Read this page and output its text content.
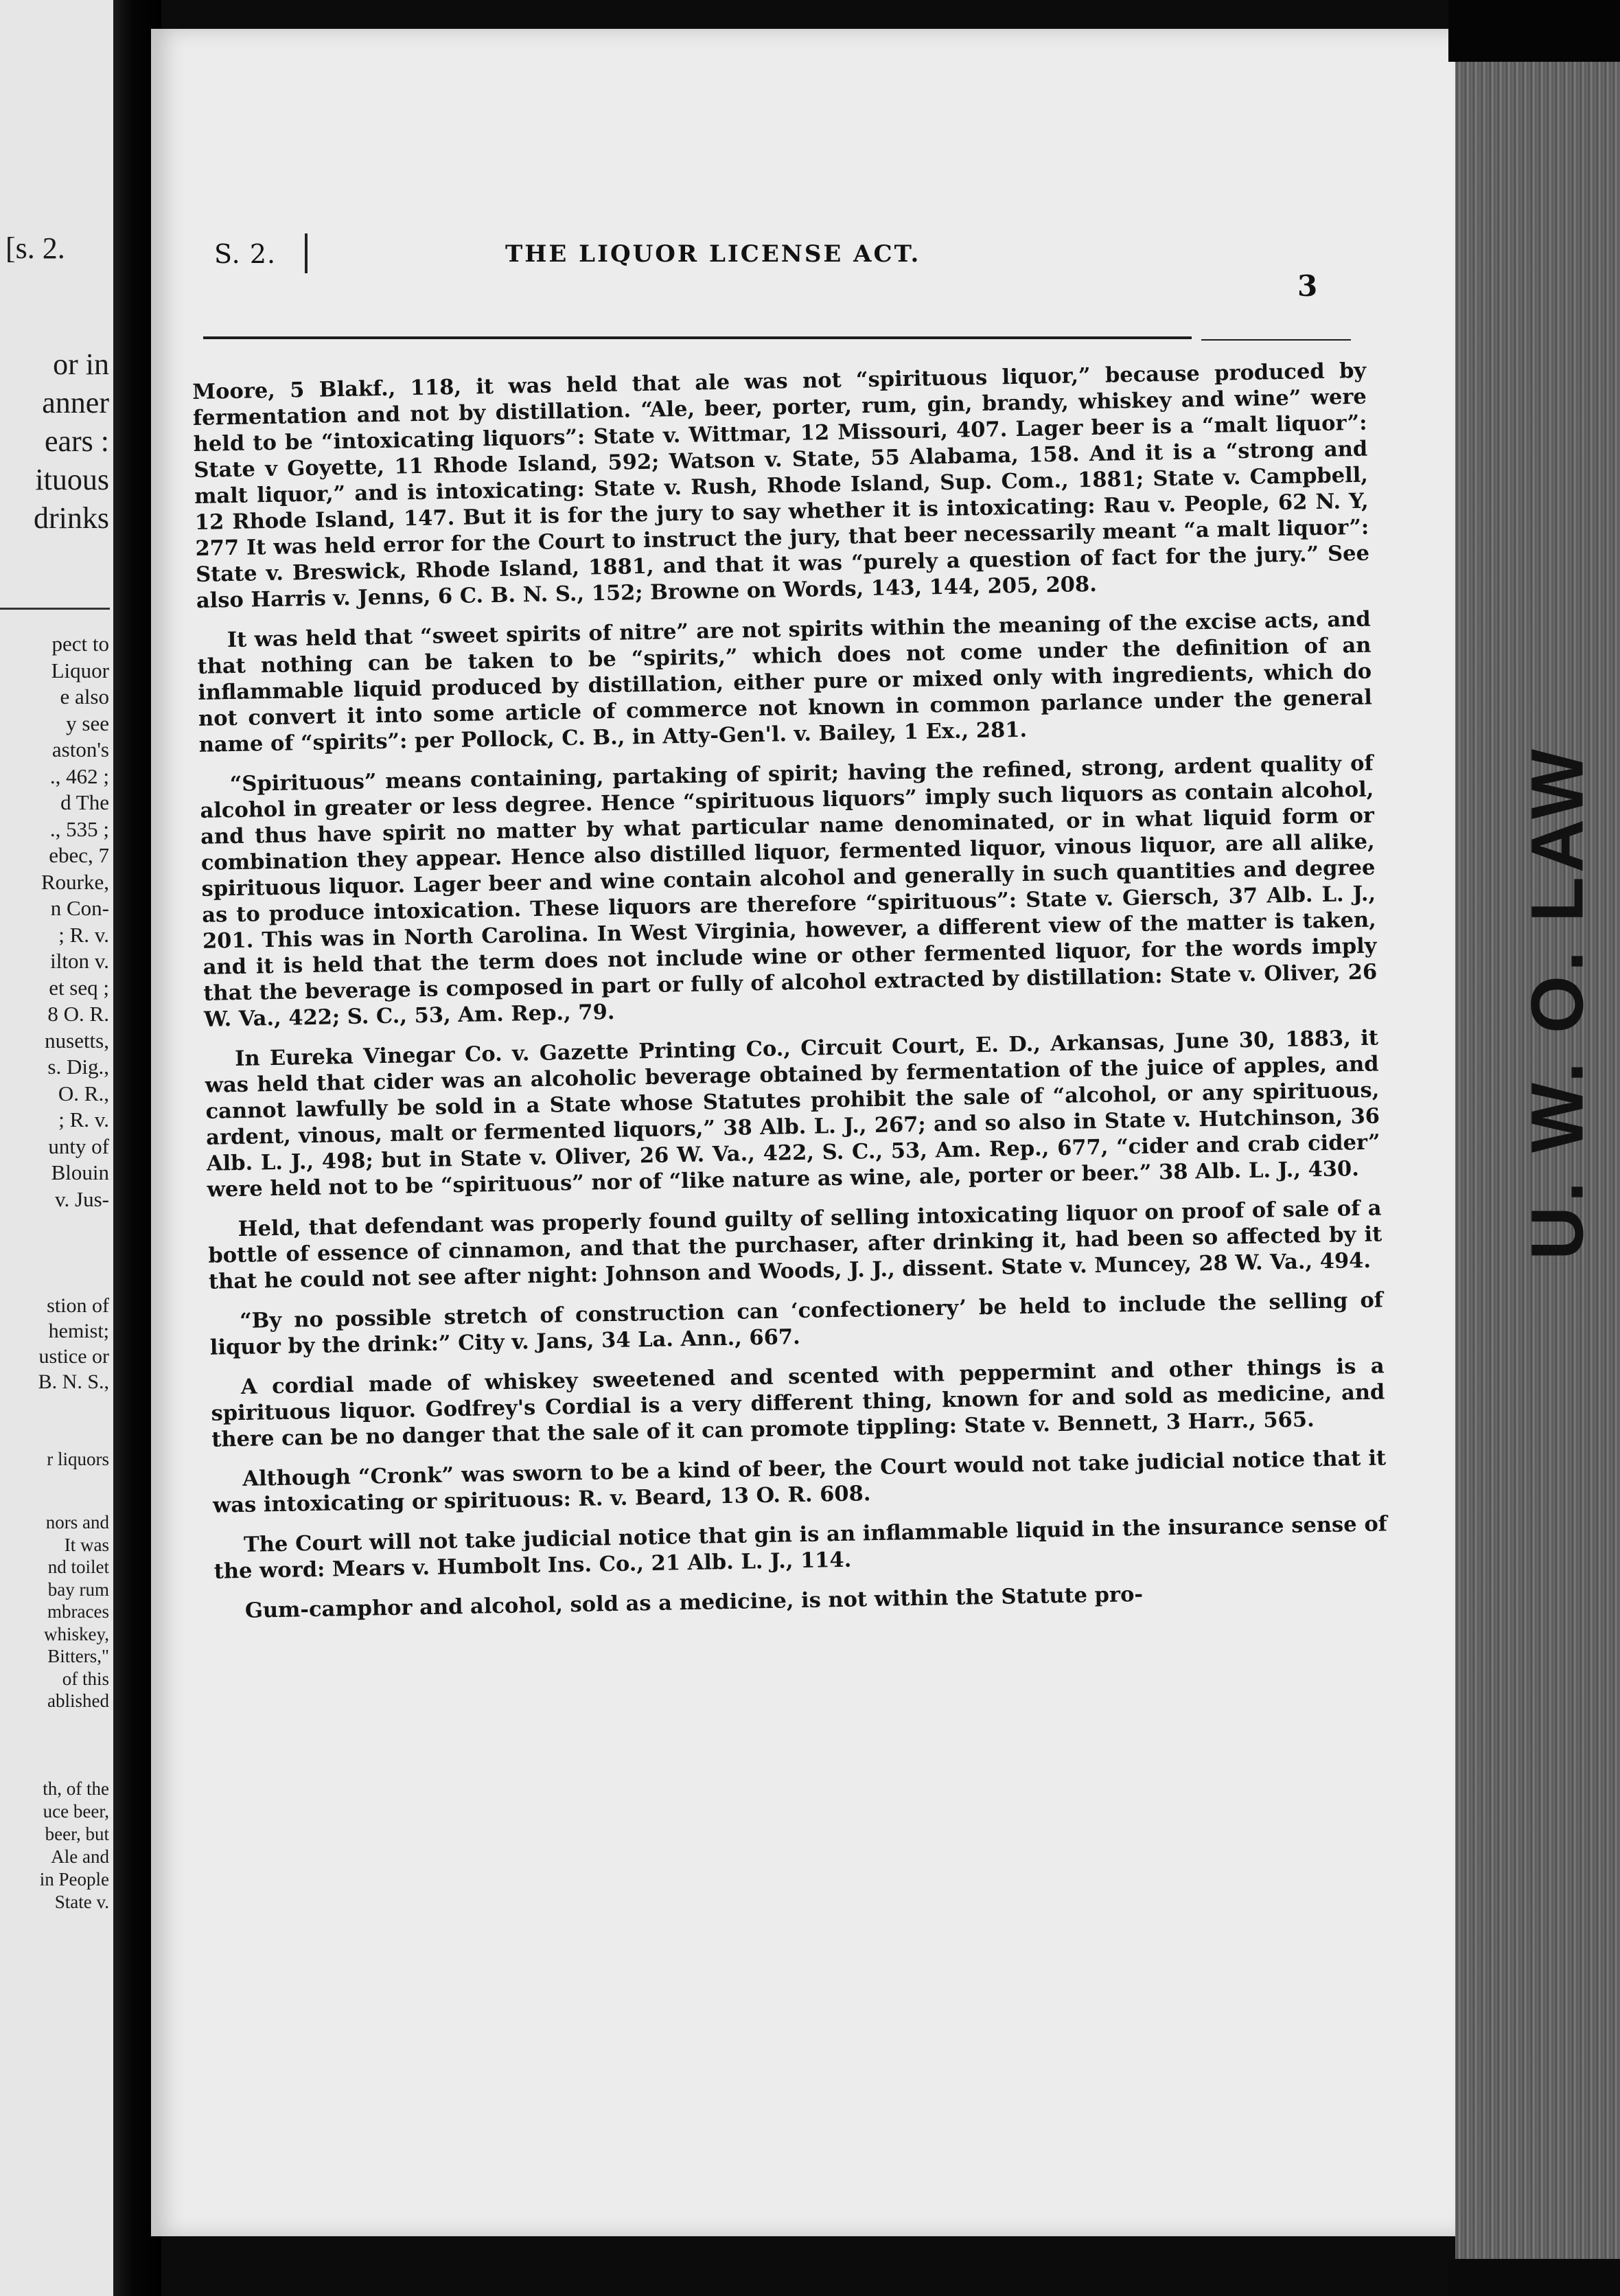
[s. 2.
or in
anner
ears :
ituous
drinks
pect to
Liquor
e also
y see
aston's
., 462 ;
d The
., 535 ;
ebec, 7
Rourke,
n Con-
; R. v.
ilton v.
et seq ;
8 O. R.
nusetts,
s. Dig.,
O. R.,
; R. v.
unty of
Blouin
v. Jus-
stion of
hemist;
ustice or
B. N. S.,
r liquors
nors and
It was
nd toilet
bay rum
mbraces
whiskey,
Bitters,"
of this
ablished
th, of the
uce beer,
beer, but
Ale and
in People
State v.
S. 2.	THE LIQUOR LICENSE ACT.
3

Moore, 5 Blakf., 118, it was held that ale was not “spirituous liquor,” because produced by fermentation and not by distillation. “Ale, beer, porter, rum, gin, brandy, whiskey and wine” were held to be “intoxicating liquors”: State v. Wittmar, 12 Missouri, 407. Lager beer is a “malt liquor”: State v Goyette, 11 Rhode Island, 592; Watson v. State, 55 Alabama, 158. And it is a “strong and malt liquor,” and is intoxicating: State v. Rush, Rhode Island, Sup. Com., 1881; State v. Campbell, 12 Rhode Island, 147. But it is for the jury to say whether it is intoxicating: Rau v. People, 62 N. Y, 277 It was held error for the Court to instruct the jury, that beer necessarily meant “a malt liquor”: State v. Breswick, Rhode Island, 1881, and that it was “purely a question of fact for the jury.” See also Harris v. Jenns, 6 C. B. N. S., 152; Browne on Words, 143, 144, 205, 208.

It was held that “sweet spirits of nitre” are not spirits within the meaning of the excise acts, and that nothing can be taken to be “spirits,” which does not come under the definition of an inflammable liquid produced by distillation, either pure or mixed only with ingredients, which do not convert it into some article of commerce not known in common parlance under the general name of “spirits”: per Pollock, C. B., in Atty-Gen'l. v. Bailey, 1 Ex., 281.

“Spirituous” means containing, partaking of spirit; having the refined, strong, ardent quality of alcohol in greater or less degree. Hence “spirituous liquors” imply such liquors as contain alcohol, and thus have spirit no matter by what particular name denominated, or in what liquid form or combination they appear. Hence also distilled liquor, fermented liquor, vinous liquor, are all alike, spirituous liquor. Lager beer and wine contain alcohol and generally in such quantities and degree as to produce intoxication. These liquors are therefore “spirituous”: State v. Giersch, 37 Alb. L. J., 201. This was in North Carolina. In West Virginia, however, a different view of the matter is taken, and it is held that the term does not include wine or other fermented liquor, for the words imply that the beverage is composed in part or fully of alcohol extracted by distillation: State v. Oliver, 26 W. Va., 422; S. C., 53, Am. Rep., 79.

In Eureka Vinegar Co. v. Gazette Printing Co., Circuit Court, E. D., Arkansas, June 30, 1883, it was held that cider was an alcoholic beverage obtained by fermentation of the juice of apples, and cannot lawfully be sold in a State whose Statutes prohibit the sale of “alcohol, or any spirituous, ardent, vinous, malt or fermented liquors,” 38 Alb. L. J., 267; and so also in State v. Hutchinson, 36 Alb. L. J., 498; but in State v. Oliver, 26 W. Va., 422, S. C., 53, Am. Rep., 677, “cider and crab cider” were held not to be “spirituous” nor of “like nature as wine, ale, porter or beer.” 38 Alb. L. J., 430.

Held, that defendant was properly found guilty of selling intoxicating liquor on proof of sale of a bottle of essence of cinnamon, and that the purchaser, after drinking it, had been so affected by it that he could not see after night: Johnson and Woods, J. J., dissent. State v. Muncey, 28 W. Va., 494.

“By no possible stretch of construction can ‘confectionery’ be held to include the selling of liquor by the drink:” City v. Jans, 34 La. Ann., 667.

A cordial made of whiskey sweetened and scented with peppermint and other things is a spirituous liquor. Godfrey's Cordial is a very different thing, known for and sold as medicine, and there can be no danger that the sale of it can promote tippling: State v. Bennett, 3 Harr., 565.

Although “Cronk” was sworn to be a kind of beer, the Court would not take judicial notice that it was intoxicating or spirituous: R. v. Beard, 13 O. R. 608.

The Court will not take judicial notice that gin is an inflammable liquid in the insurance sense of the word: Mears v. Humbolt Ins. Co., 21 Alb. L. J., 114.

Gum-camphor and alcohol, sold as a medicine, is not within the Statute pro-

U. W. O. LAW
